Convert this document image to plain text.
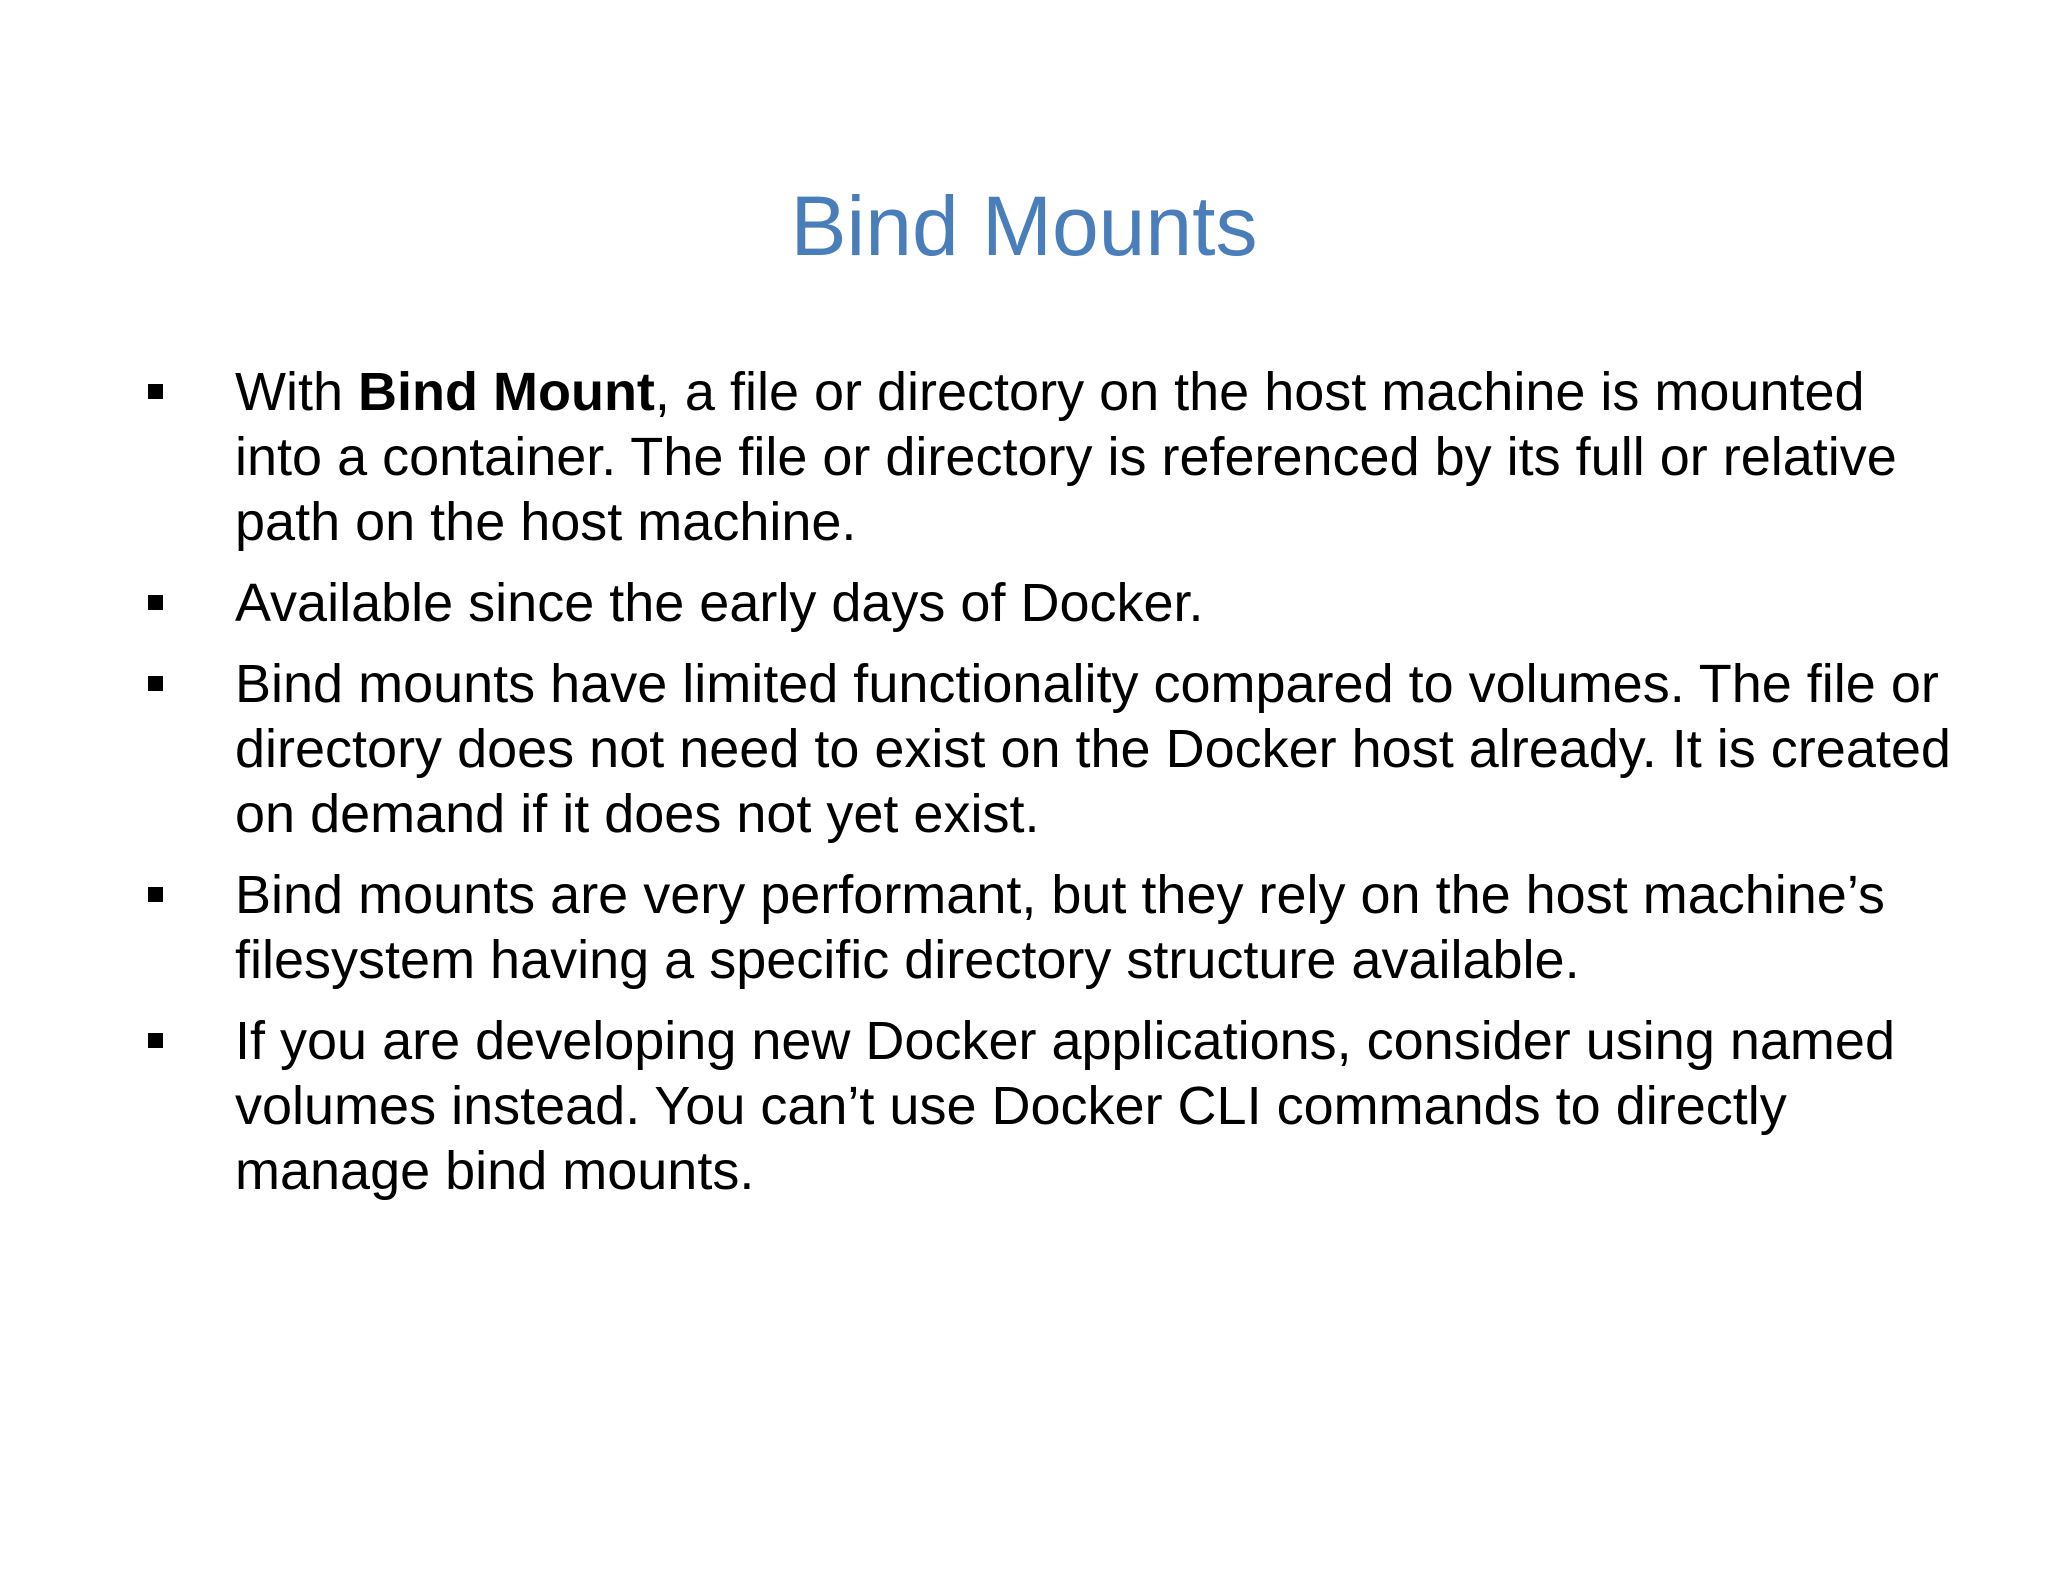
Bind Mounts
With Bind Mount, a file or directory on the host machine is mounted into a container. The file or directory is referenced by its full or relative path on the host machine.
Available since the early days of Docker.
Bind mounts have limited functionality compared to volumes. The file or directory does not need to exist on the Docker host already. It is created on demand if it does not yet exist.
Bind mounts are very performant, but they rely on the host machine’s filesystem having a specific directory structure available.
If you are developing new Docker applications, consider using named volumes instead. You can’t use Docker CLI commands to directly manage bind mounts.
